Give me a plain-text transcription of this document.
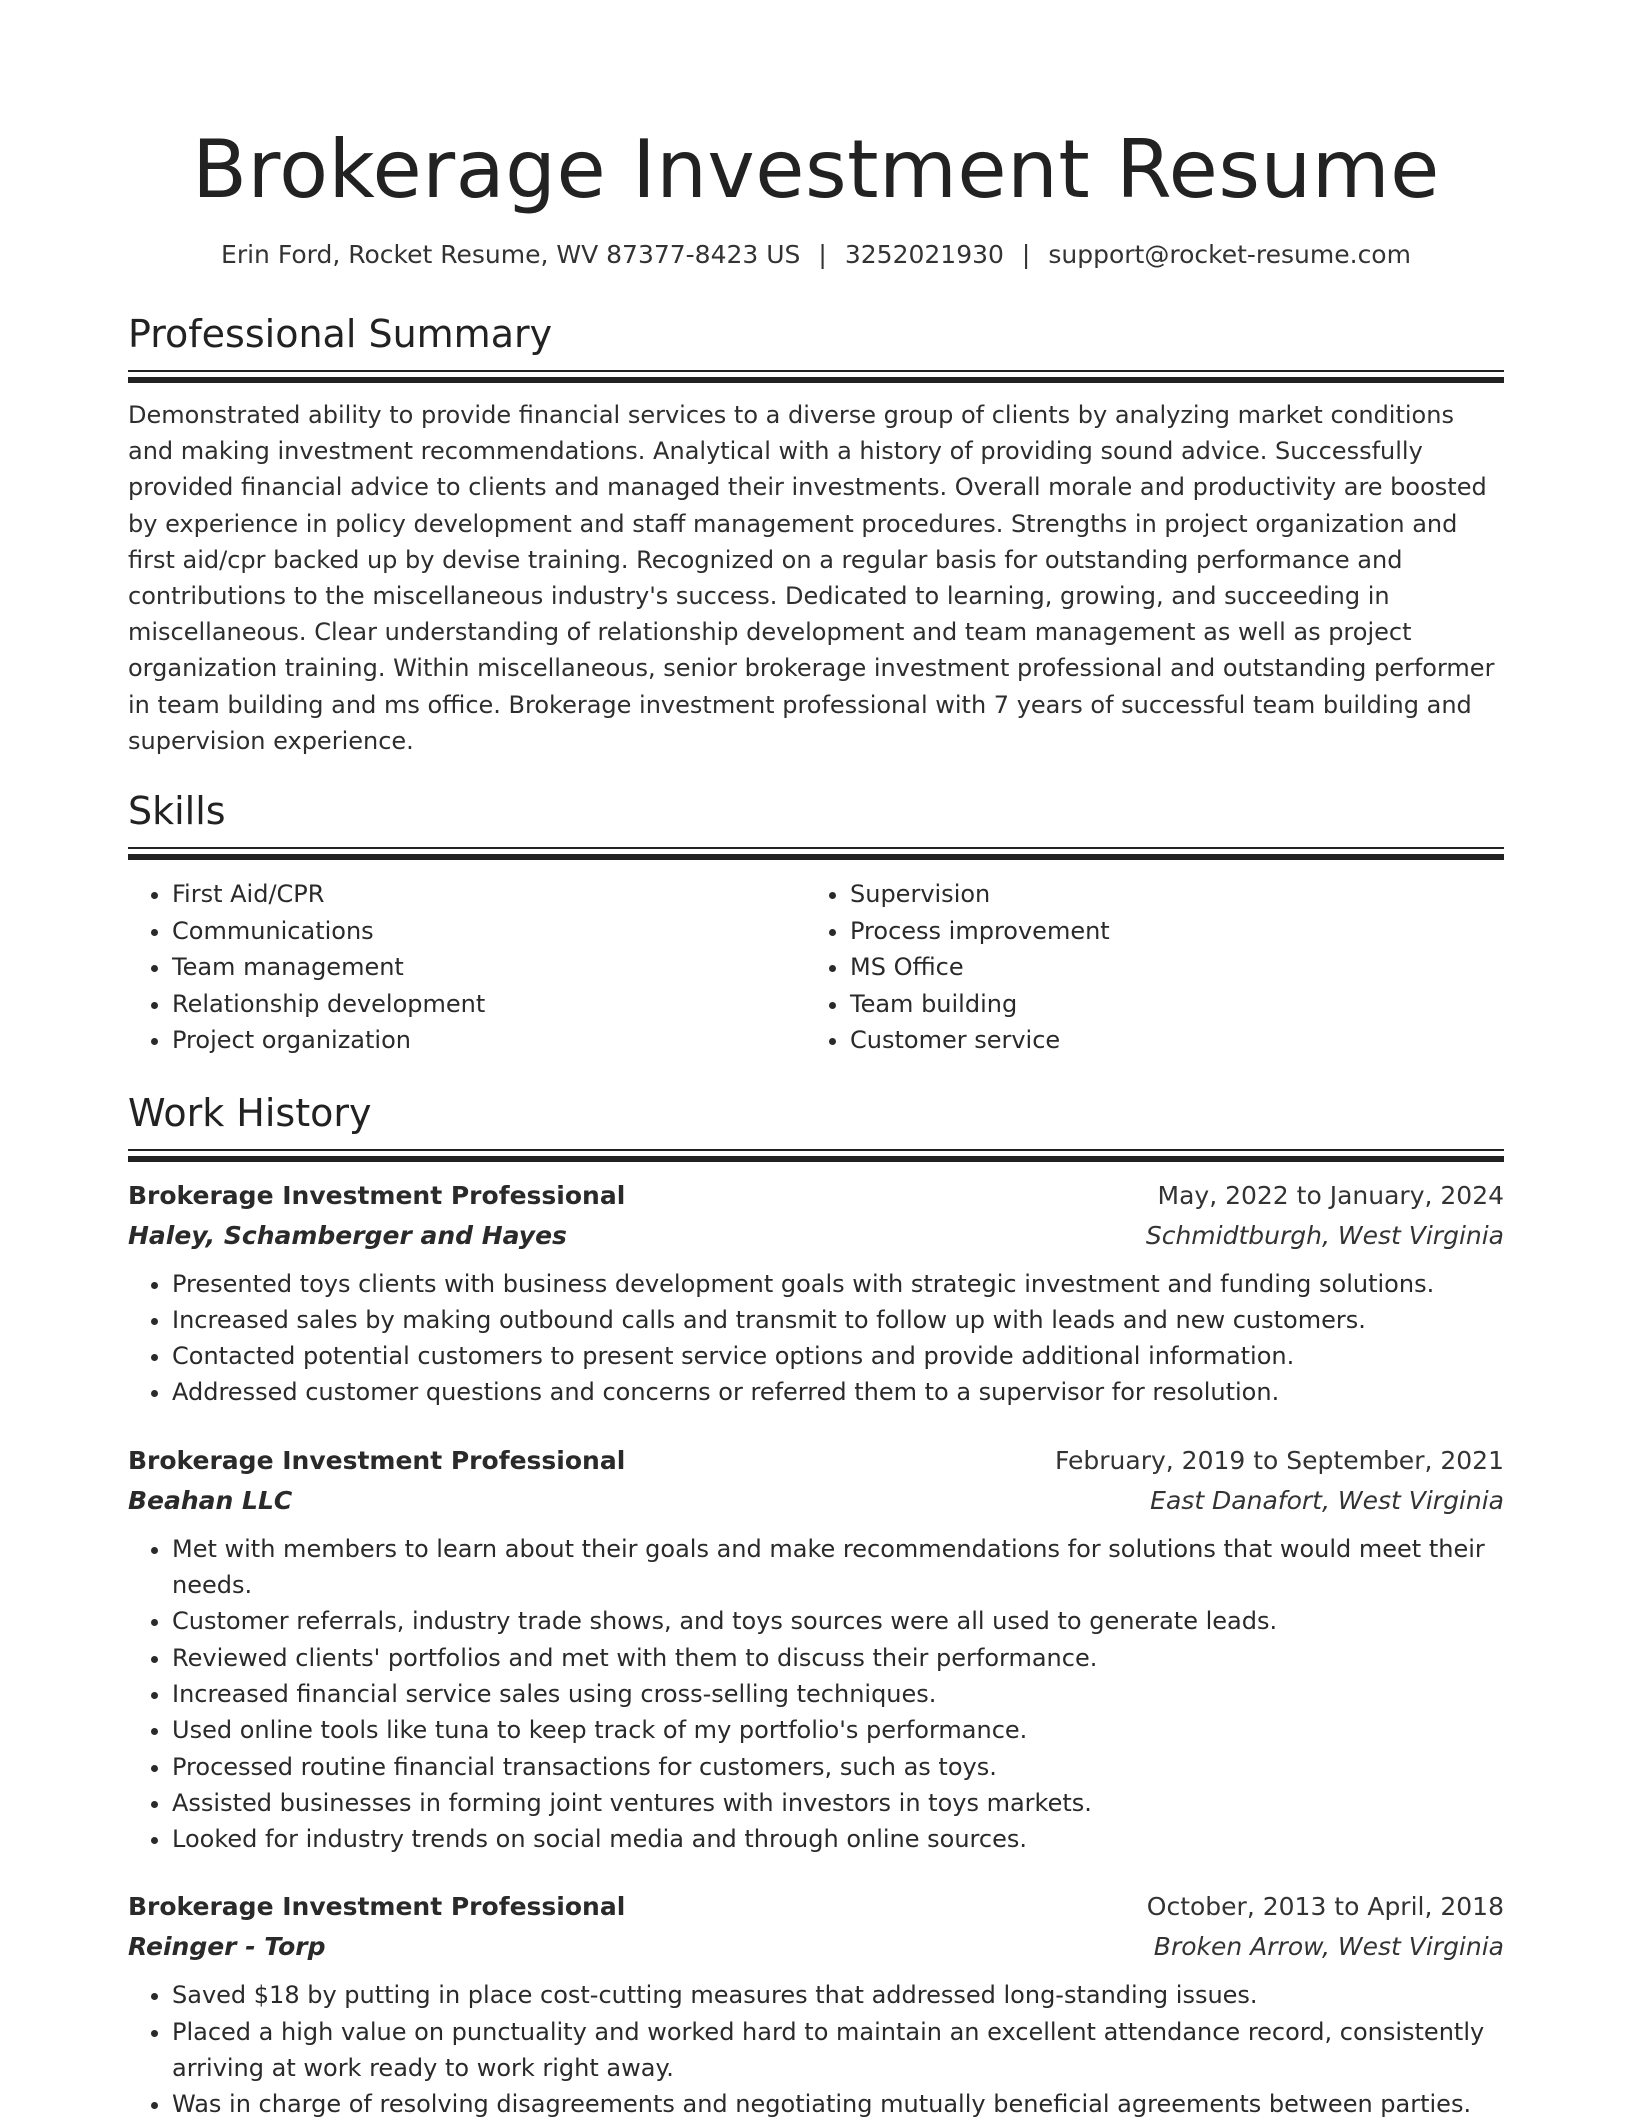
Brokerage Investment Resume
Erin Ford, Rocket Resume, WV 87377-8423 US | 3252021930 | support@rocket-resume.com
Professional Summary

Demonstrated ability to provide financial services to a diverse group of clients by analyzing market conditions and making investment recommendations. Analytical with a history of providing sound advice. Successfully provided financial advice to clients and managed their investments. Overall morale and productivity are boosted by experience in policy development and staff management procedures. Strengths in project organization and first aid/cpr backed up by devise training. Recognized on a regular basis for outstanding performance and contributions to the miscellaneous industry's success. Dedicated to learning, growing, and succeeding in miscellaneous. Clear understanding of relationship development and team management as well as project organization training. Within miscellaneous, senior brokerage investment professional and outstanding performer in team building and ms office. Brokerage investment professional with 7 years of successful team building and supervision experience.

Skills
• First Aid/CPR
• Communications
• Team management
• Relationship development
• Project organization
• Supervision
• Process improvement
• MS Office
• Team building
• Customer service
Work History
Brokerage Investment Professional	May, 2022 to January, 2024
Haley, Schamberger and Hayes	Schmidtburgh, West Virginia
• Presented toys clients with business development goals with strategic investment and funding solutions.
• Increased sales by making outbound calls and transmit to follow up with leads and new customers.
• Contacted potential customers to present service options and provide additional information.
• Addressed customer questions and concerns or referred them to a supervisor for resolution.
Brokerage Investment Professional	February, 2019 to September, 2021
Beahan LLC	East Danafort, West Virginia
• Met with members to learn about their goals and make recommendations for solutions that would meet their needs.
• Customer referrals, industry trade shows, and toys sources were all used to generate leads.
• Reviewed clients' portfolios and met with them to discuss their performance.
• Increased financial service sales using cross-selling techniques.
• Used online tools like tuna to keep track of my portfolio's performance.
• Processed routine financial transactions for customers, such as toys.
• Assisted businesses in forming joint ventures with investors in toys markets.
• Looked for industry trends on social media and through online sources.
Brokerage Investment Professional	October, 2013 to April, 2018
Reinger - Torp	Broken Arrow, West Virginia
• Saved $18 by putting in place cost-cutting measures that addressed long-standing issues.
• Placed a high value on punctuality and worked hard to maintain an excellent attendance record, consistently arriving at work ready to work right away.
• Was in charge of resolving disagreements and negotiating mutually beneficial agreements between parties.
